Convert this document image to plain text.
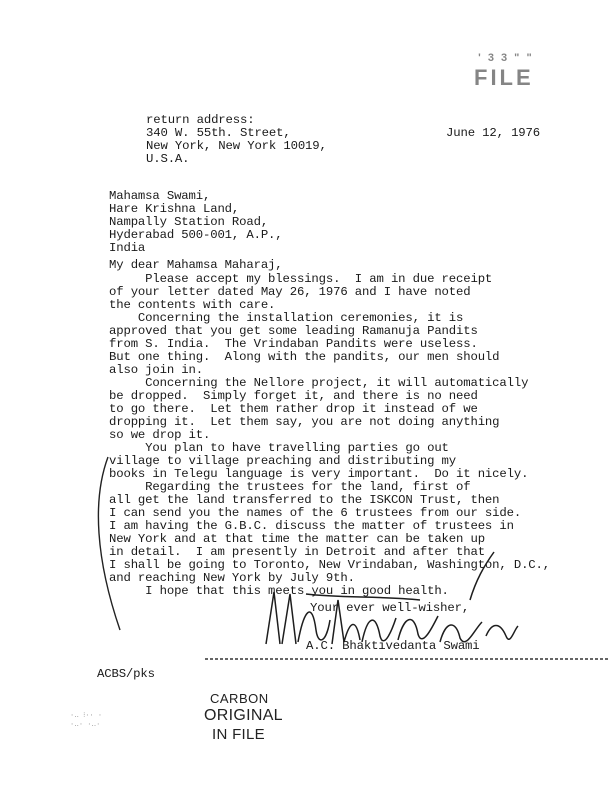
' 3 3 " "
FILE
return address:
340 W. 55th. Street,
New York, New York 10019,
U.S.A.
June 12, 1976
Mahamsa Swami,
Hare Krishna Land,
Nampally Station Road,
Hyderabad 500-001, A.P.,
India
My dear Mahamsa Maharaj,
Please accept my blessings.  I am in due receipt
of your letter dated May 26, 1976 and I have noted
the contents with care.
Concerning the installation ceremonies, it is
approved that you get some leading Ramanuja Pandits
from S. India.  The Vrindaban Pandits were useless.
But one thing.  Along with the pandits, our men should
also join in.
Concerning the Nellore project, it will automatically
be dropped.  Simply forget it, and there is no need
to go there.  Let them rather drop it instead of we
dropping it.  Let them say, you are not doing anything
so we drop it.
You plan to have travelling parties go out
village to village preaching and distributing my
books in Telegu language is very important.  Do it nicely.
Regarding the trustees for the land, first of
all get the land transferred to the ISKCON Trust, then
I can send you the names of the 6 trustees from our side.
I am having the G.B.C. discuss the matter of trustees in
New York and at that time the matter can be taken up
in detail.  I am presently in Detroit and after that
I shall be going to Toronto, New Vrindaban, Washington, D.C.,
and reaching New York by July 9th.
I hope that this meets you in good health.
Your ever well-wisher,
A.C. Bhaktivedanta Swami
ACBS/pks
·‥ ⁝·· ·
·‥· ·‥·
CARBON
ORIGINAL
IN FILE
